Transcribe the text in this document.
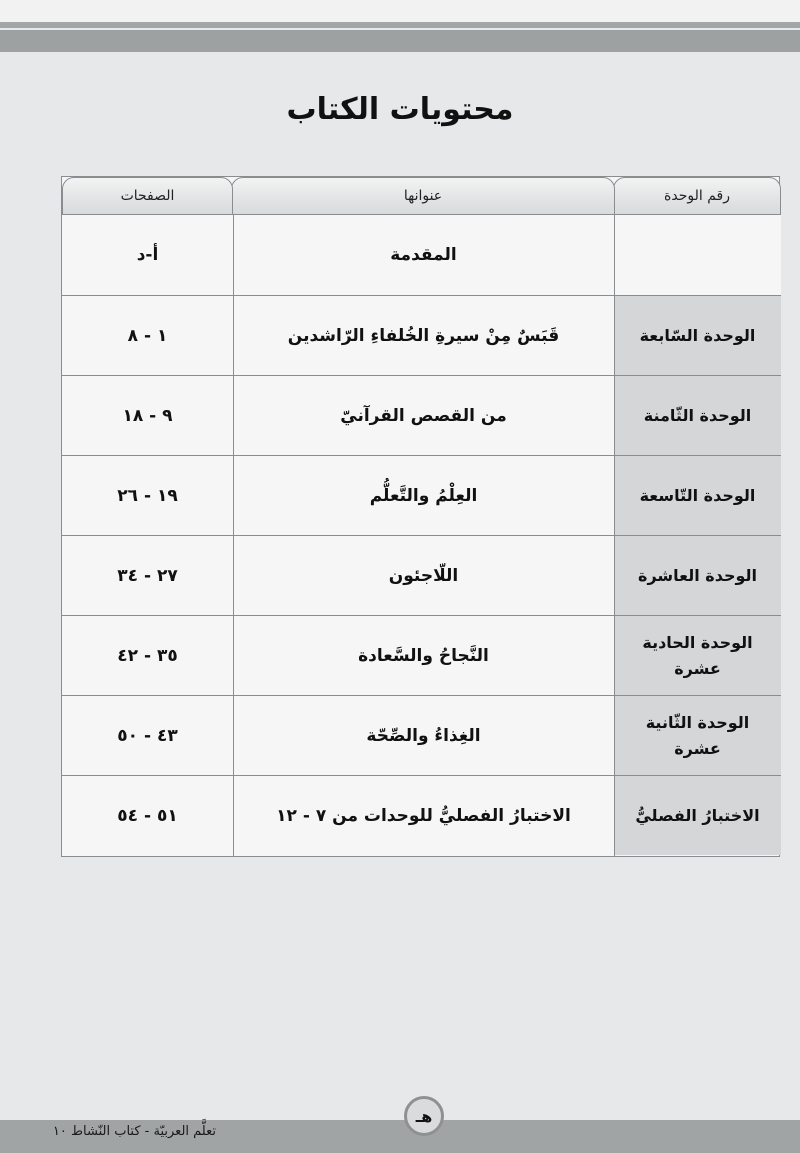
محتويات الكتاب
رقم الوحدة
عنوانها
الصفحات
المقدمة
أ-د
الوحدة السّابعة
قَبَسٌ مِنْ سيرةِ الخُلفاءِ الرّاشدين
١ - ٨
الوحدة الثّامنة
من القصص القرآنيّ
٩ - ١٨
الوحدة التّاسعة
العِلْمُ والتَّعلُّم
١٩ - ٢٦
الوحدة العاشرة
اللّاجئون
٢٧ - ٣٤
الوحدة الحادية عشرة
النَّجاحُ والسَّعادة
٣٥ - ٤٢
الوحدة الثّانية عشرة
الغِذاءُ والصِّحّة
٤٣ - ٥٠
الاختبارُ الفصليُّ
الاختبارُ الفصليُّ للوحدات من ٧ - ١٢
٥١ - ٥٤
تعلَّم العربيّة - كتاب النّشاط ١٠
هـ
